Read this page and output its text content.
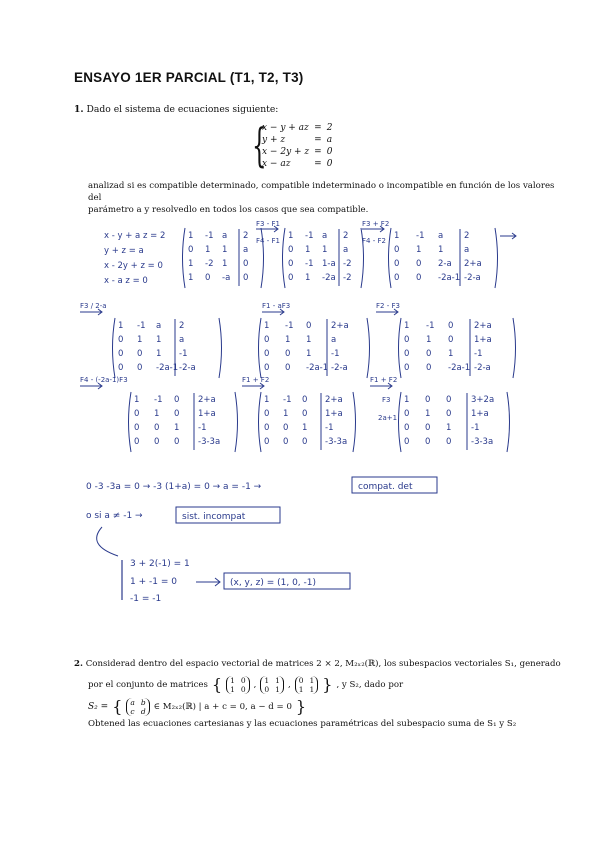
ENSAYO 1ER PARCIAL (T1, T2, T3)
1. Dado el sistema de ecuaciones siguiente:
{
x − y + az	=	2
y + z	=	a
x − 2y + z	=	0
x − az	=	0
analizad si es compatible determinado, compatible indeterminado o incompatible en función de los valores del
parámetro a y resolvedlo en todos los casos que sea compatible.
x - y + a z = 2
y + z = a
x - 2y + z = 0
x - a z = 0
1 -1 a 2
0 1 1 a
1 -2 1 0
1 0 -a 0
1 -1 a 2
0 1 1 a
0 -1 1-a -2
0 1 -2a -2
1 -1 a 2
0 1 1 a
0 0 2-a 2+a
0 0 -2a-1 -2-a
1 -1 a 2
0 1 1 a
0 0 1 -1
0 0 -2a-1 -2-a
1 -1 0 2+a
0 1 1 a
0 0 1 -1
0 0 -2a-1 -2-a
1 -1 0 2+a
0 1 0 1+a
0 0 1 -1
0 0 -2a-1 -2-a
1 -1 0 2+a
0 1 0 1+a
0 0 1 -1
0 0 0 -3-3a
1 -1 0 2+a
0 1 0 1+a
0 0 1 -1
0 0 0 -3-3a
1 0 0 3+2a
0 1 0 1+a
0 0 1 -1
0 0 0 -3-3a
F3 - F1
F4 - F1
F3 + F2
F4 - F2
F3 / 2-a	F1 - aF3	F2 - F3
F4 - (-2a-1)F3	F1 + F2	F1 + F2
F3
2a+1
0 -3 -3a = 0 → -3 (1+a) = 0 → a = -1 →	compat. det
o si a ≠ -1 →	sist. incompat
3 + 2(-1) = 1
1 + -1 = 0
-1 = -1
(x, y, z) = (1, 0, -1)
2. Considerad dentro del espacio vectorial de matrices 2 × 2, M₂ₓ₂(ℝ), los subespacios vectoriales S₁, generado
por el conjunto de matrices { 1 0
1 0 , 1 1
0 1 , 0 1
1 1 } , y S₂, dado por
S₂ = { a b
c d ∈ M₂ₓ₂(ℝ) | a + c = 0, a − d = 0 }
Obtened las ecuaciones cartesianas y las ecuaciones paramétricas del subespacio suma de S₁ y S₂
